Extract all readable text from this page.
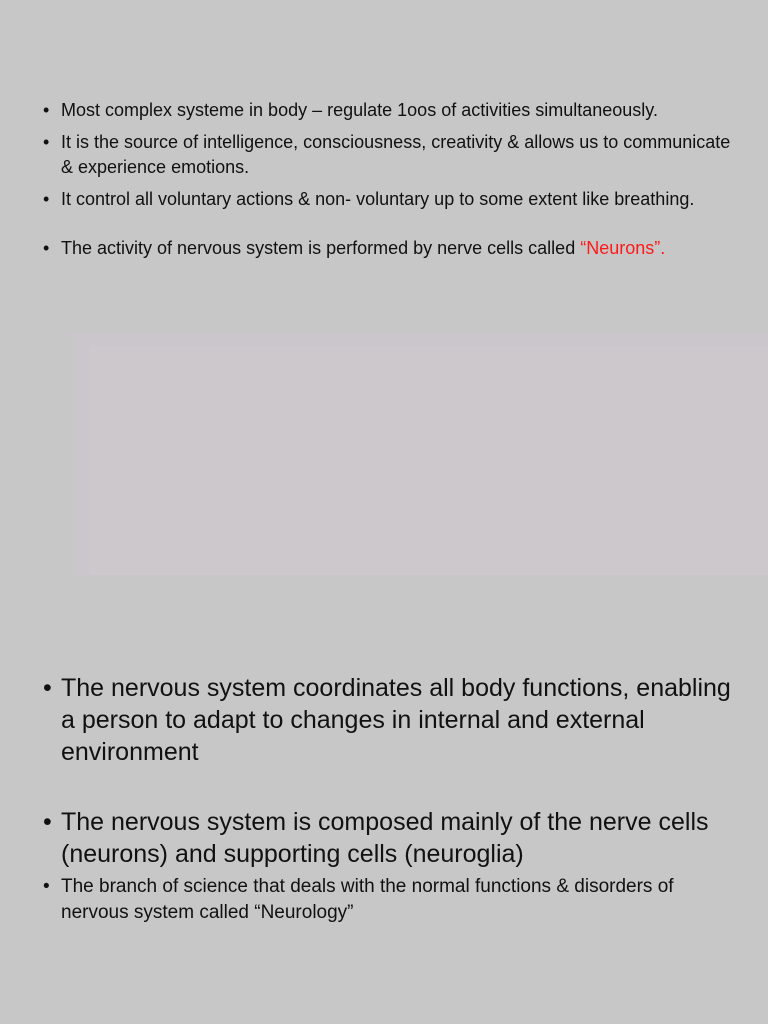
• Most complex systeme in body – regulate 1oos of activities simultaneously.
• It is the source of intelligence, consciousness, creativity & allows us to communicate & experience emotions.
• It control all voluntary actions & non- voluntary up to some extent like breathing.
• The activity of nervous system is performed by nerve cells called “Neurons”.
• The nervous system coordinates all body functions, enabling a person to adapt to changes in internal and external environment
• The nervous system is composed mainly of the nerve cells (neurons) and supporting cells (neuroglia)
• The branch of science that deals with the normal functions & disorders of nervous system called “Neurology”
